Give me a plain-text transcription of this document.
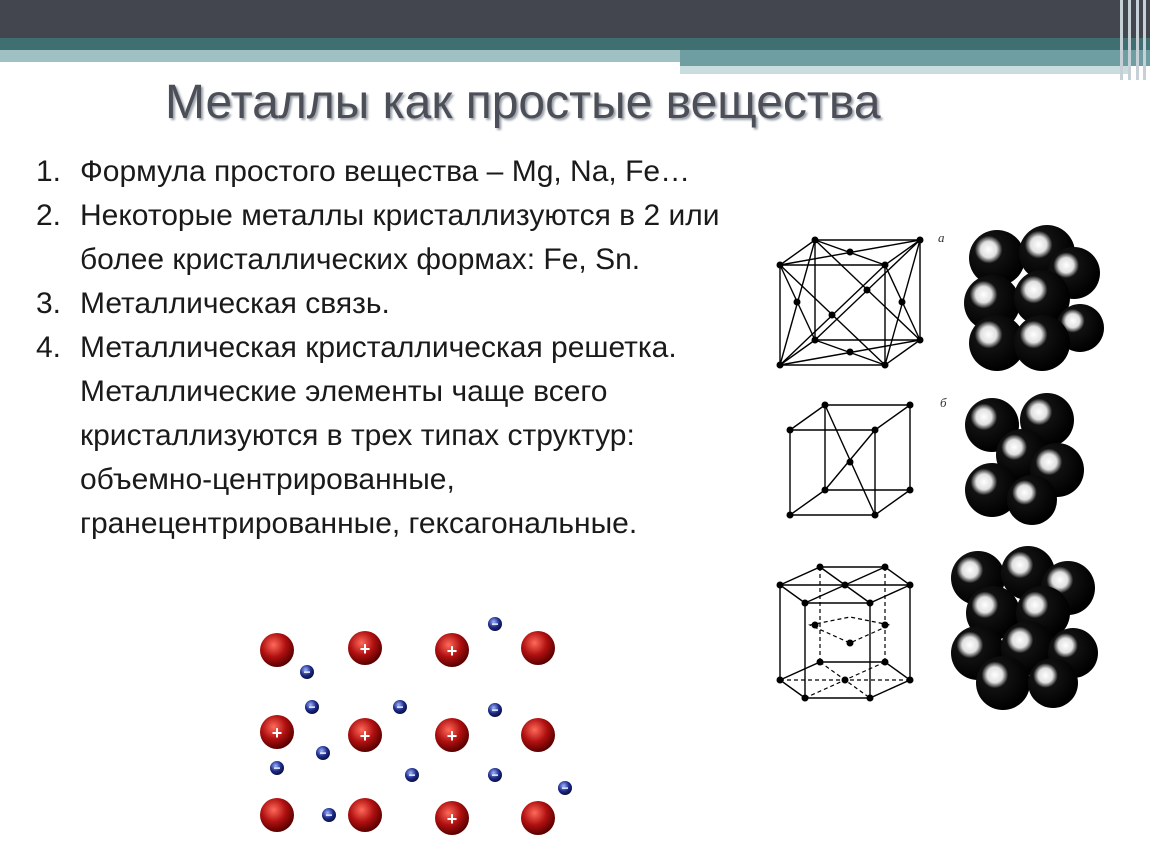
Металлы как простые вещества
1. Формула простого вещества – Mg, Na, Fe…
2. Некоторые металлы кристаллизуются в 2 или более кристаллических формах: Fe, Sn.
3. Металлическая связь.
4. Металлическая кристаллическая решетка. Металлические элементы чаще всего кристаллизуются в трех типах структур: объемно-центрированные, гранецентрированные, гексагональные.
а
б
+	+
+	+	+
+
−
−
−	−	−
−
−	−	−
−
−
